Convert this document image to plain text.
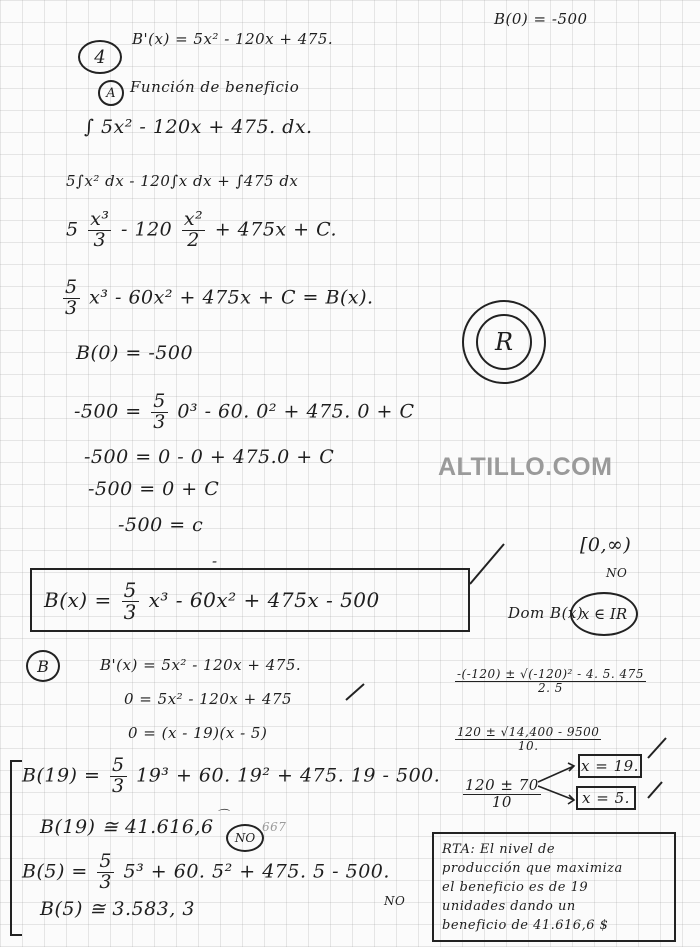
B(0) = -500
4
B'(x) = 5x² - 120x + 475.
A Función de beneficio
∫ 5x² - 120x + 475. dx.
5∫x² dx - 120∫x dx + ∫475 dx
$5 \frac{\text{x³}}{3} - 120 \frac{\text{x²}}{2} + 475x + C$.
$\frac{5}{3} x^3 - 60x^2 + 475x + C = B(x)$.
R
B(0) = -500
$-500 = \frac{5}{3} 0^3 - 60$. 0² + 475. 0 + C
-500 = 0 - 0 + 475.0 + C
-500 = 0 + C
-500 = c
ALTILLO.COM
$B(x) = \frac{5}{3} x^3 - 60x^2 + 475x - 500$
-
[0,∞)
NO
Dom B(x)
x ∈ IR
B	B'(x) = 5x² - 120x + 475.
0 = 5x² - 120x + 475
0 = (x - 19)(x - 5)
$\frac{\text{-(-120) ± √(-120)² - 4. 5. 475}}{2. 5}$
$\frac{120 \pm √14,400 - 9500}{10.}$
$\frac{120 \pm 70}{10}$
x = 19.
x = 5.
$B(19) = \frac{5}{3} 19^3 + 60$. 19² + 475. 19 - 500.
B(19) ≅ 41.616,6
⌒
NO
667
$B(5) = \frac{5}{3} 5^3 + 60$. 5² + 475. 5 - 500.
B(5) ≅ 3.583, 3	NO
RTA: El nivel de
producción que maximiza
el beneficio es de 19
unidades dando un
beneficio de 41.616,6 $
